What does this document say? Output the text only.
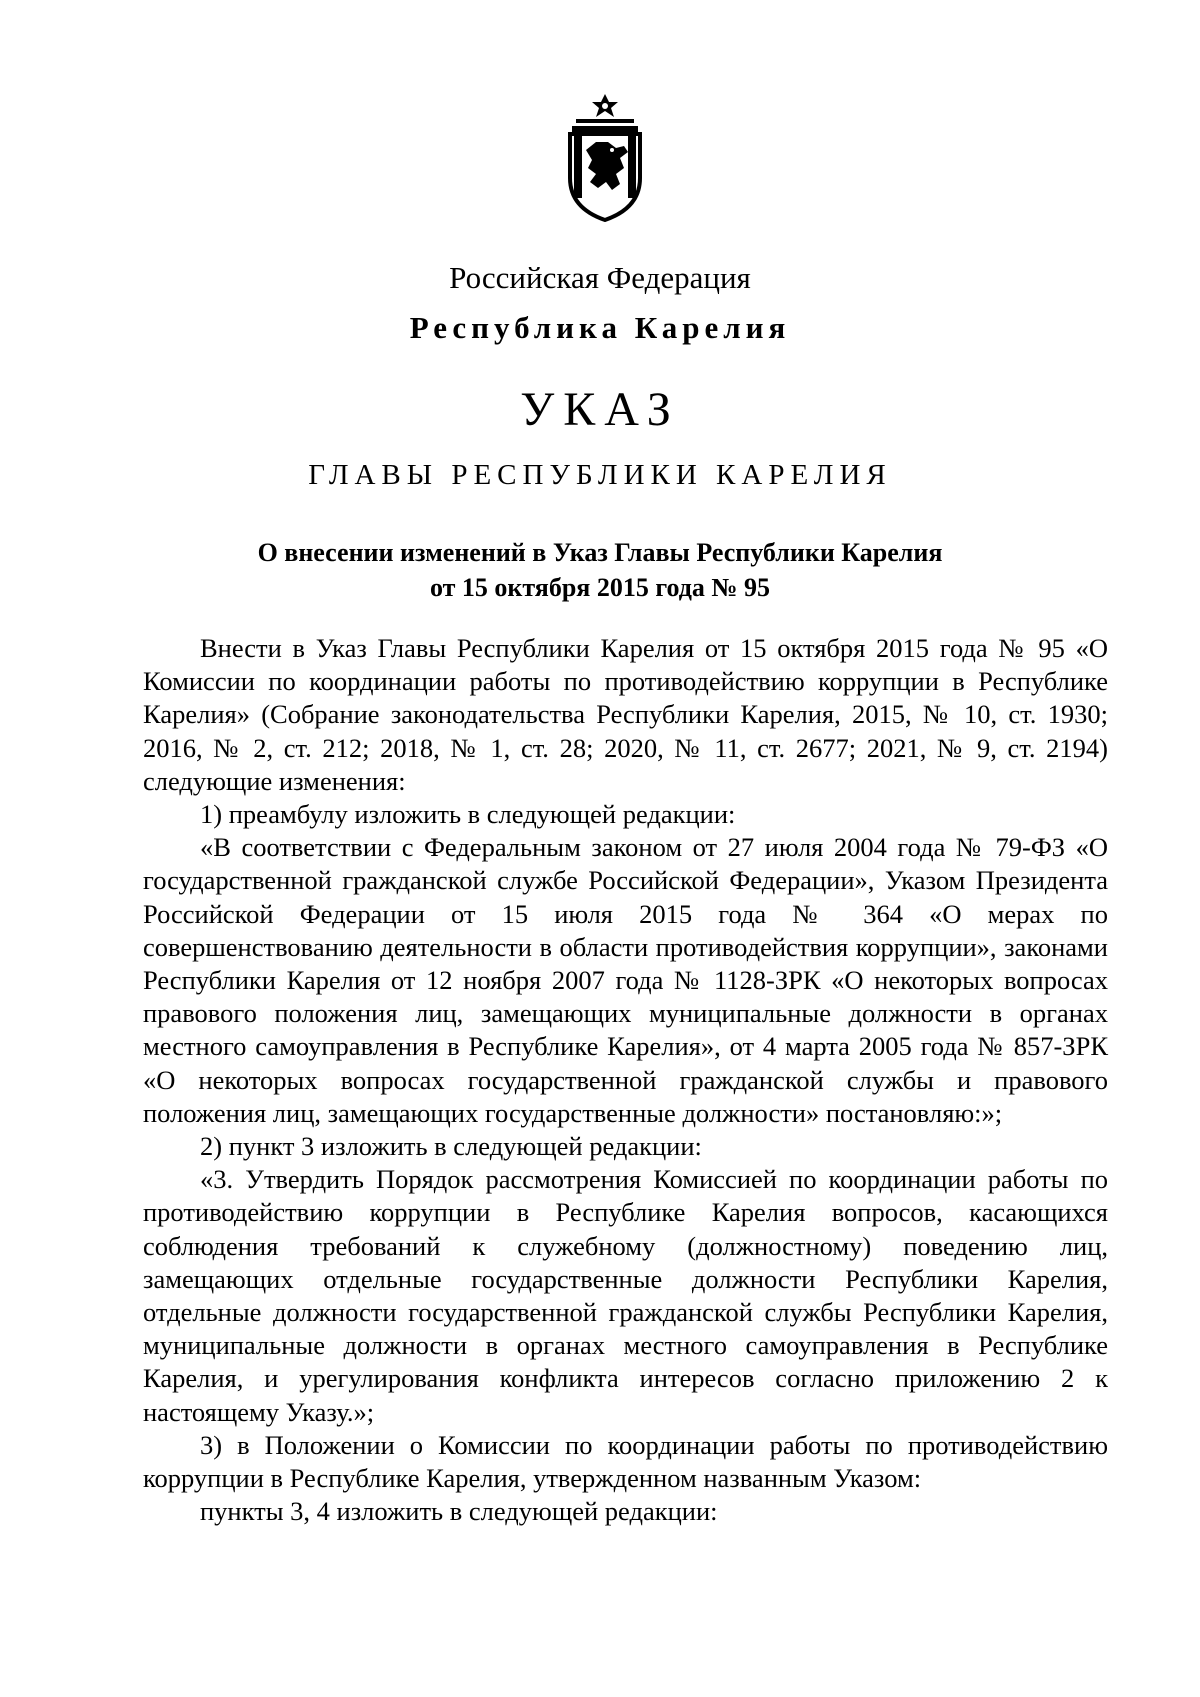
Российская Федерация
Республика Карелия
УКАЗ
ГЛАВЫ РЕСПУБЛИКИ КАРЕЛИЯ
О внесении изменений в Указ Главы Республики Карелия
от 15 октября 2015 года № 95

Внести в Указ Главы Республики Карелия от 15 октября 2015 года № 95 «О Комиссии по координации работы по противодействию коррупции в Республике Карелия» (Собрание законодательства Республики Карелия, 2015, № 10, ст. 1930; 2016, № 2, ст. 212; 2018, № 1, ст. 28; 2020, № 11, ст. 2677; 2021, № 9, ст. 2194) следующие изменения:

1) преамбулу изложить в следующей редакции:

«В соответствии с Федеральным законом от 27 июля 2004 года № 79-ФЗ «О государственной гражданской службе Российской Федерации», Указом Президента Российской Федерации от 15 июля 2015 года № 364 «О мерах по совершенствованию деятельности в области противодействия коррупции», законами Республики Карелия от 12 ноября 2007 года № 1128-ЗРК «О некоторых вопросах правового положения лиц, замещающих муниципальные должности в органах местного самоуправления в Республике Карелия», от 4 марта 2005 года № 857-ЗРК «О некоторых вопросах государственной гражданской службы и правового положения лиц, замещающих государственные должности» постановляю:»;

2) пункт 3 изложить в следующей редакции:

«3. Утвердить Порядок рассмотрения Комиссией по координации работы по противодействию коррупции в Республике Карелия вопросов, касающихся соблюдения требований к служебному (должностному) поведению лиц, замещающих отдельные государственные должности Республики Карелия, отдельные должности государственной гражданской службы Республики Карелия, муниципальные должности в органах местного самоуправления в Республике Карелия, и урегулирования конфликта интересов согласно приложению 2 к настоящему Указу.»;

3) в Положении о Комиссии по координации работы по противодействию коррупции в Республике Карелия, утвержденном названным Указом:

пункты 3, 4 изложить в следующей редакции:
